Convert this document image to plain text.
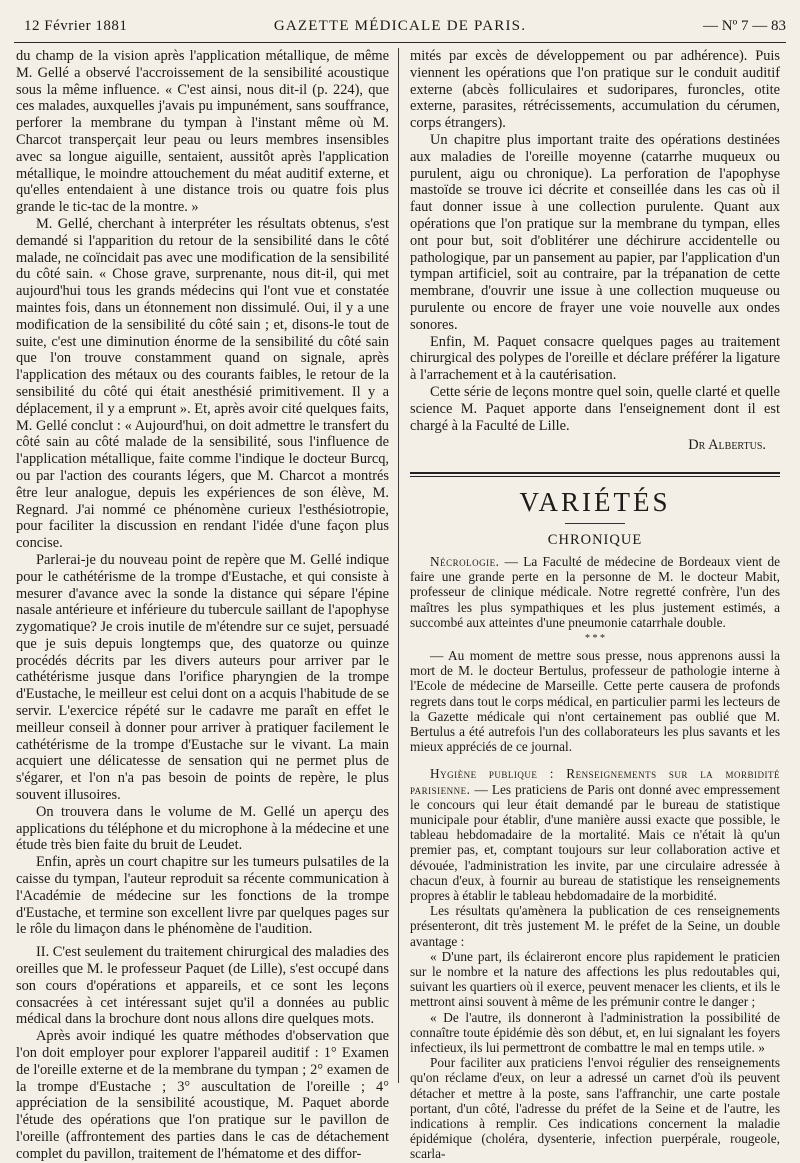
12 Février 1881	GAZETTE MÉDICALE DE PARIS.	— Nº 7 — 83

du champ de la vision après l'application métallique, de même M. Gellé a observé l'accroissement de la sensibilité acoustique sous la même influence. « C'est ainsi, nous dit-il (p. 224), que ces malades, auxquelles j'avais pu impunément, sans souffrance, perforer la membrane du tympan à l'instant même où M. Charcot transperçait leur peau ou leurs membres insensibles avec sa longue aiguille, sentaient, aussitôt après l'application métallique, le moindre attouchement du méat auditif externe, et qu'elles entendaient à une distance trois ou quatre fois plus grande le tic-tac de la montre. »

M. Gellé, cherchant à interpréter les résultats obtenus, s'est demandé si l'apparition du retour de la sensibilité dans le côté malade, ne coïncidait pas avec une modification de la sensibilité du côté sain. « Chose grave, surprenante, nous dit-il, qui met aujourd'hui tous les grands médecins qui l'ont vue et constatée maintes fois, dans un étonnement non dissimulé. Oui, il y a une modification de la sensibilité du côté sain ; et, disons-le tout de suite, c'est une diminution énorme de la sensibilité du côté sain que l'on trouve constamment quand on signale, après l'application des métaux ou des courants faibles, le retour de la sensibilité du côté qui était anesthésié primitivement. Il y a déplacement, il y a emprunt ». Et, après avoir cité quelques faits, M. Gellé conclut : « Aujourd'hui, on doit admettre le transfert du côté sain au côté malade de la sensibilité, sous l'influence de l'application métallique, faite comme l'indique le docteur Burcq, ou par l'action des courants légers, que M. Charcot a montrés être leur analogue, depuis les expériences de son élève, M. Regnard. J'ai nommé ce phénomène curieux l'esthésiotropie, pour faciliter la discussion en rendant l'idée d'une façon plus concise.

Parlerai-je du nouveau point de repère que M. Gellé indique pour le cathétérisme de la trompe d'Eustache, et qui consiste à mesurer d'avance avec la sonde la distance qui sépare l'épine nasale antérieure et inférieure du tubercule saillant de l'apophyse zygomatique? Je crois inutile de m'étendre sur ce sujet, persuadé que je suis depuis longtemps que, des quatorze ou quinze procédés décrits par les divers auteurs pour arriver par le cathétérisme jusque dans l'orifice pharyngien de la trompe d'Eustache, le meilleur est celui dont on a acquis l'habitude de se servir. L'exercice répété sur le cadavre me paraît en effet le meilleur conseil à donner pour arriver à pratiquer facilement le cathétérisme de la trompe d'Eustache sur le vivant. La main acquiert une délicatesse de sensation qui ne permet plus de s'égarer, et l'on n'a pas besoin de points de repère, le plus souvent illusoires.

On trouvera dans le volume de M. Gellé un aperçu des applications du téléphone et du microphone à la médecine et une étude très bien faite du bruit de Leudet.

Enfin, après un court chapitre sur les tumeurs pulsatiles de la caisse du tympan, l'auteur reproduit sa récente communication à l'Académie de médecine sur les fonctions de la trompe d'Eustache, et termine son excellent livre par quelques pages sur le rôle du limaçon dans le phénomène de l'audition.

II. C'est seulement du traitement chirurgical des maladies des oreilles que M. le professeur Paquet (de Lille), s'est occupé dans son cours d'opérations et appareils, et ce sont les leçons consacrées à cet intéressant sujet qu'il a données au public médical dans la brochure dont nous allons dire quelques mots.

Après avoir indiqué les quatre méthodes d'observation que l'on doit employer pour explorer l'appareil auditif : 1° Examen de l'oreille externe et de la membrane du tympan ; 2° examen de la trompe d'Eustache ; 3° auscultation de l'oreille ; 4° appréciation de la sensibilité acoustique, M. Paquet aborde l'étude des opérations que l'on pratique sur le pavillon de l'oreille (affrontement des parties dans le cas de détachement complet du pavillon, traitement de l'hématome et des diffor-

mités par excès de développement ou par adhérence). Puis viennent les opérations que l'on pratique sur le conduit auditif externe (abcès folliculaires et sudoripares, furoncles, otite externe, parasites, rétrécissements, accumulation du cérumen, corps étrangers).

Un chapitre plus important traite des opérations destinées aux maladies de l'oreille moyenne (catarrhe muqueux ou purulent, aigu ou chronique). La perforation de l'apophyse mastoïde se trouve ici décrite et conseillée dans les cas où il faut donner issue à une collection purulente. Quant aux opérations que l'on pratique sur la membrane du tympan, elles ont pour but, soit d'oblitérer une déchirure accidentelle ou pathologique, par un pansement au papier, par l'application d'un tympan artificiel, soit au contraire, par la trépanation de cette membrane, d'ouvrir une issue à une collection muqueuse ou purulente ou encore de frayer une voie nouvelle aux ondes sonores.

Enfin, M. Paquet consacre quelques pages au traitement chirurgical des polypes de l'oreille et déclare préférer la ligature à l'arrachement et à la cautérisation.

Cette série de leçons montre quel soin, quelle clarté et quelle science M. Paquet apporte dans l'enseignement dont il est chargé à la Faculté de Lille.

Dr Albertus.
VARIÉTÉS
CHRONIQUE

Nécrologie. — La Faculté de médecine de Bordeaux vient de faire une grande perte en la personne de M. le docteur Mabit, professeur de clinique médicale. Notre regretté confrère, l'un des maîtres les plus sympathiques et les plus justement estimés, a succombé aux atteintes d'une pneumonie catarrhale double.

* * *

— Au moment de mettre sous presse, nous apprenons aussi la mort de M. le docteur Bertulus, professeur de pathologie interne à l'Ecole de médecine de Marseille. Cette perte causera de profonds regrets dans tout le corps médical, en particulier parmi les lecteurs de la Gazette médicale qui n'ont certainement pas oublié que M. Bertulus a été autrefois l'un des collaborateurs les plus savants et les mieux appréciés de ce journal.

Hygiène publique : Renseignements sur la morbidité parisienne. — Les praticiens de Paris ont donné avec empressement le concours qui leur était demandé par le bureau de statistique municipale pour établir, d'une manière aussi exacte que possible, le tableau hebdomadaire de la mortalité. Mais ce n'était là qu'un premier pas, et, comptant toujours sur leur collaboration active et dévouée, l'administration les invite, par une circulaire adressée à chacun d'eux, à fournir au bureau de statistique les renseignements propres à établir le tableau hebdomadaire de la morbidité.

Les résultats qu'amènera la publication de ces renseignements présenteront, dit très justement M. le préfet de la Seine, un double avantage :

« D'une part, ils éclaireront encore plus rapidement le praticien sur le nombre et la nature des affections les plus redoutables qui, suivant les quartiers où il exerce, peuvent menacer les clients, et ils le mettront ainsi souvent à même de les prémunir contre le danger ;

« De l'autre, ils donneront à l'administration la possibilité de connaître toute épidémie dès son début, et, en lui signalant les foyers infectieux, ils lui permettront de combattre le mal en temps utile. »

Pour faciliter aux praticiens l'envoi régulier des renseignements qu'on réclame d'eux, on leur a adressé un carnet d'où ils peuvent détacher et mettre à la poste, sans l'affranchir, une carte postale portant, d'un côté, l'adresse du préfet de la Seine et de l'autre, les indications à remplir. Ces indications concernent la maladie épidémique (choléra, dysenterie, infection puerpérale, rougeole, scarla-
